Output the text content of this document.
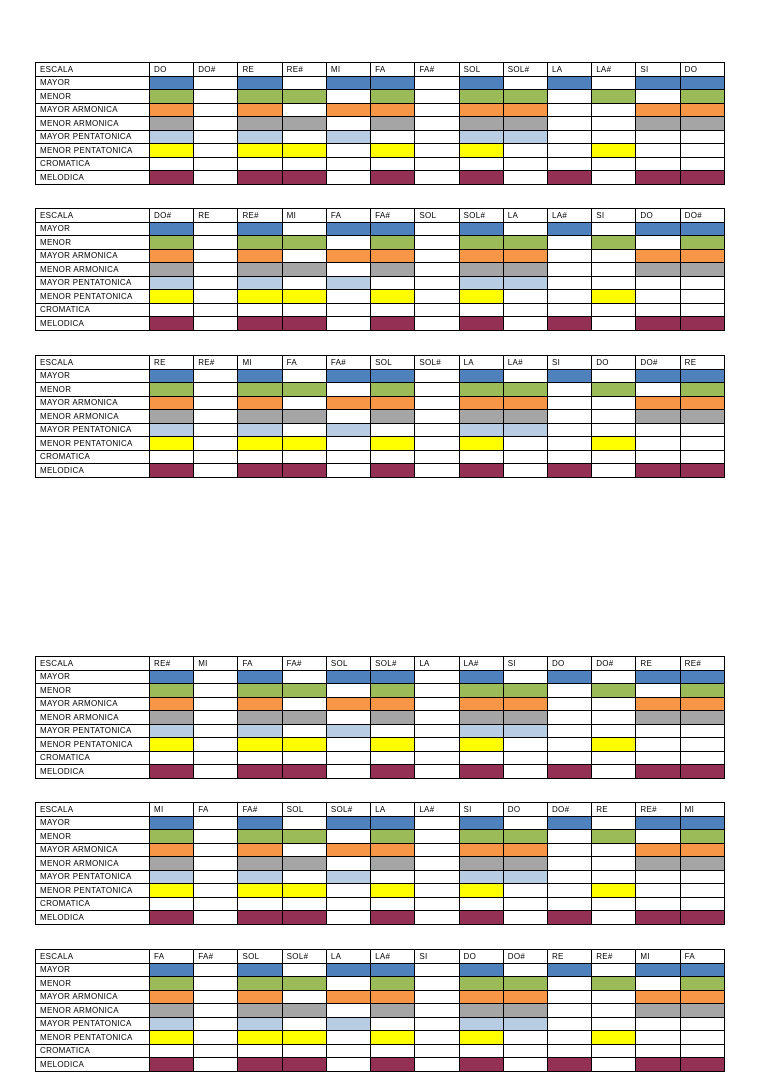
ESCALA	DO	DO#	RE	RE#	MI	FA	FA#	SOL	SOL#	LA	LA#	SI	DO
MAYOR													
MENOR													
MAYOR ARMONICA													
MENOR ARMONICA													
MAYOR PENTATONICA													
MENOR PENTATONICA													
CROMATICA													
MELODICA													
ESCALA	DO#	RE	RE#	MI	FA	FA#	SOL	SOL#	LA	LA#	SI	DO	DO#
MAYOR													
MENOR													
MAYOR ARMONICA													
MENOR ARMONICA													
MAYOR PENTATONICA													
MENOR PENTATONICA													
CROMATICA													
MELODICA													
ESCALA	RE	RE#	MI	FA	FA#	SOL	SOL#	LA	LA#	SI	DO	DO#	RE
MAYOR													
MENOR													
MAYOR ARMONICA													
MENOR ARMONICA													
MAYOR PENTATONICA													
MENOR PENTATONICA													
CROMATICA													
MELODICA													
ESCALA	RE#	MI	FA	FA#	SOL	SOL#	LA	LA#	SI	DO	DO#	RE	RE#
MAYOR													
MENOR													
MAYOR ARMONICA													
MENOR ARMONICA													
MAYOR PENTATONICA													
MENOR PENTATONICA													
CROMATICA													
MELODICA													
ESCALA	MI	FA	FA#	SOL	SOL#	LA	LA#	SI	DO	DO#	RE	RE#	MI
MAYOR													
MENOR													
MAYOR ARMONICA													
MENOR ARMONICA													
MAYOR PENTATONICA													
MENOR PENTATONICA													
CROMATICA													
MELODICA													
ESCALA	FA	FA#	SOL	SOL#	LA	LA#	SI	DO	DO#	RE	RE#	MI	FA
MAYOR													
MENOR													
MAYOR ARMONICA													
MENOR ARMONICA													
MAYOR PENTATONICA													
MENOR PENTATONICA													
CROMATICA													
MELODICA													
